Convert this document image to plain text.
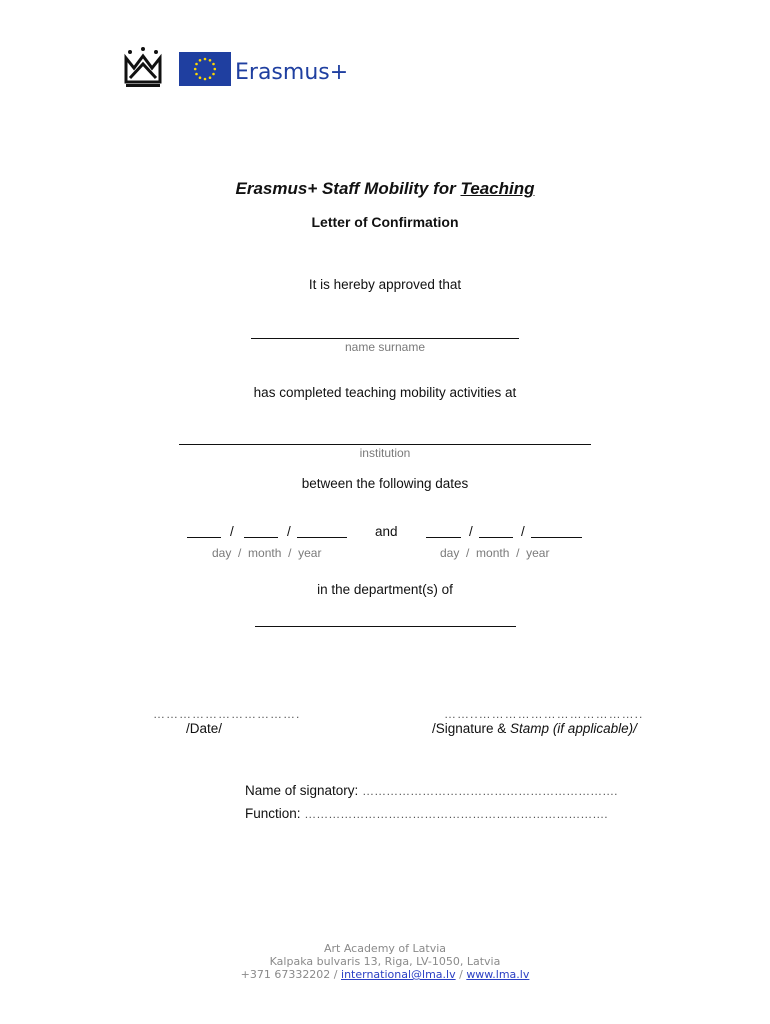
Erasmus+
Erasmus+ Staff Mobility for Teaching
Letter of Confirmation
It is hereby approved that
name surname
has completed teaching mobility activities at
institution
between the following dates
/	/	and	/	/
day / month / year	day / month / year
in the department(s) of
…………………………….
/Date/
……..………………………………..
/Signature & Stamp (if applicable)/
Name of signatory: ……………………………………………………….
Function: ………………………………………………………………….
Art Academy of Latvia
Kalpaka bulvaris 13, Riga, LV-1050, Latvia
+371 67332202 / international@lma.lv / www.lma.lv
